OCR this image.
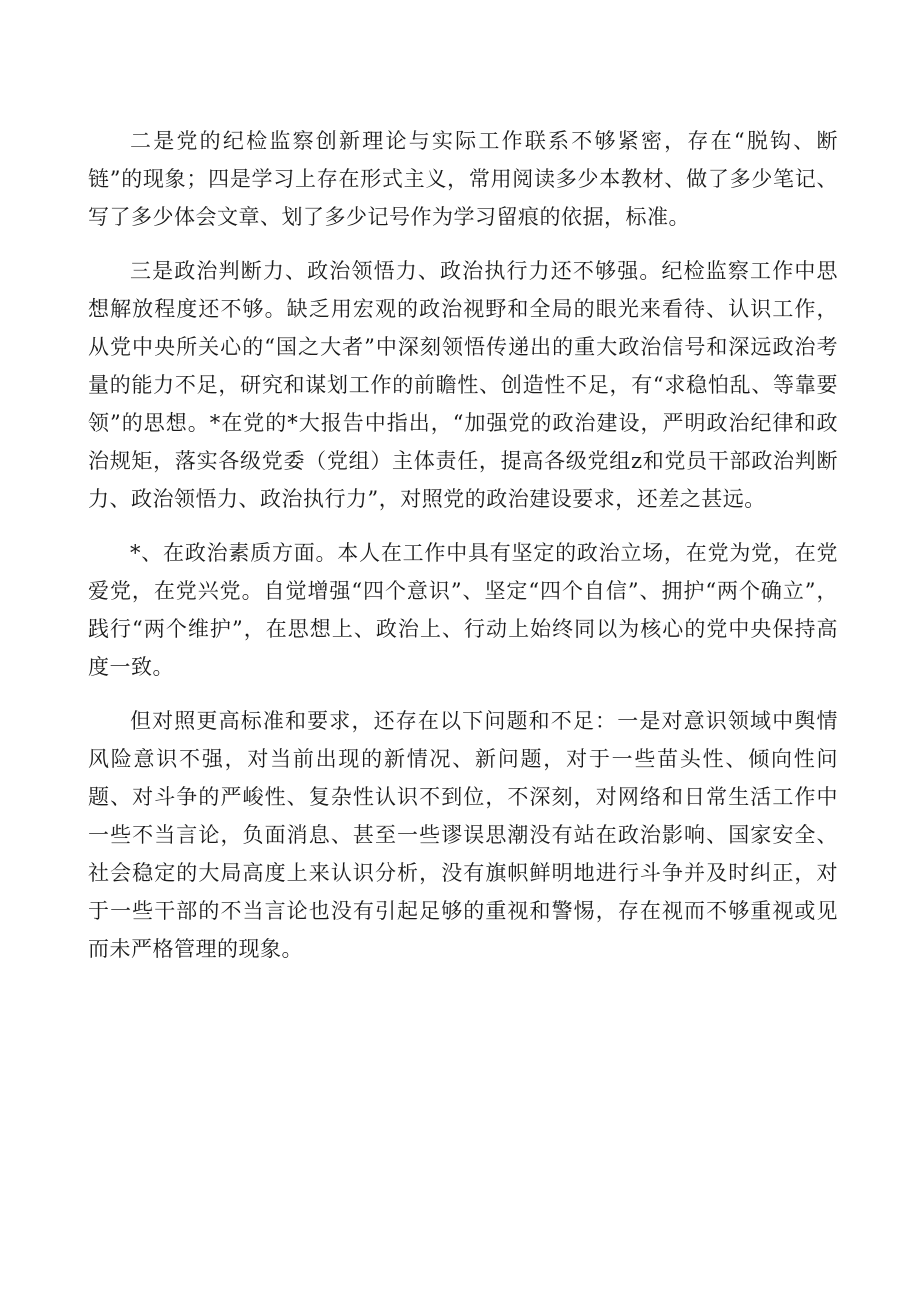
二是党的纪检监察创新理论与实际工作联系不够紧密，存在“脱钩、断链”的现象；四是学习上存在形式主义，常用阅读多少本教材、做了多少笔记、写了多少体会文章、划了多少记号作为学习留痕的依据，标准。

三是政治判断力、政治领悟力、政治执行力还不够强。纪检监察工作中思想解放程度还不够。缺乏用宏观的政治视野和全局的眼光来看待、认识工作，从党中央所关心的“国之大者”中深刻领悟传递出的重大政治信号和深远政治考量的能力不足，研究和谋划工作的前瞻性、创造性不足，有“求稳怕乱、等靠要领”的思想。*在党的*大报告中指出，“加强党的政治建设，严明政治纪律和政治规矩，落实各级党委（党组）主体责任，提高各级党组z和党员干部政治判断力、政治领悟力、政治执行力”，对照党的政治建设要求，还差之甚远。

*、在政治素质方面。本人在工作中具有坚定的政治立场，在党为党，在党爱党，在党兴党。自觉增强“四个意识”、坚定“四个自信”、拥护“两个确立”，践行“两个维护”，在思想上、政治上、行动上始终同以为核心的党中央保持高度一致。

但对照更高标准和要求，还存在以下问题和不足：一是对意识领域中舆情风险意识不强，对当前出现的新情况、新问题，对于一些苗头性、倾向性问题、对斗争的严峻性、复杂性认识不到位，不深刻，对网络和日常生活工作中一些不当言论，负面消息、甚至一些谬误思潮没有站在政治影响、国家安全、社会稳定的大局高度上来认识分析，没有旗帜鲜明地进行斗争并及时纠正，对于一些干部的不当言论也没有引起足够的重视和警惕，存在视而不够重视或见而未严格管理的现象。
